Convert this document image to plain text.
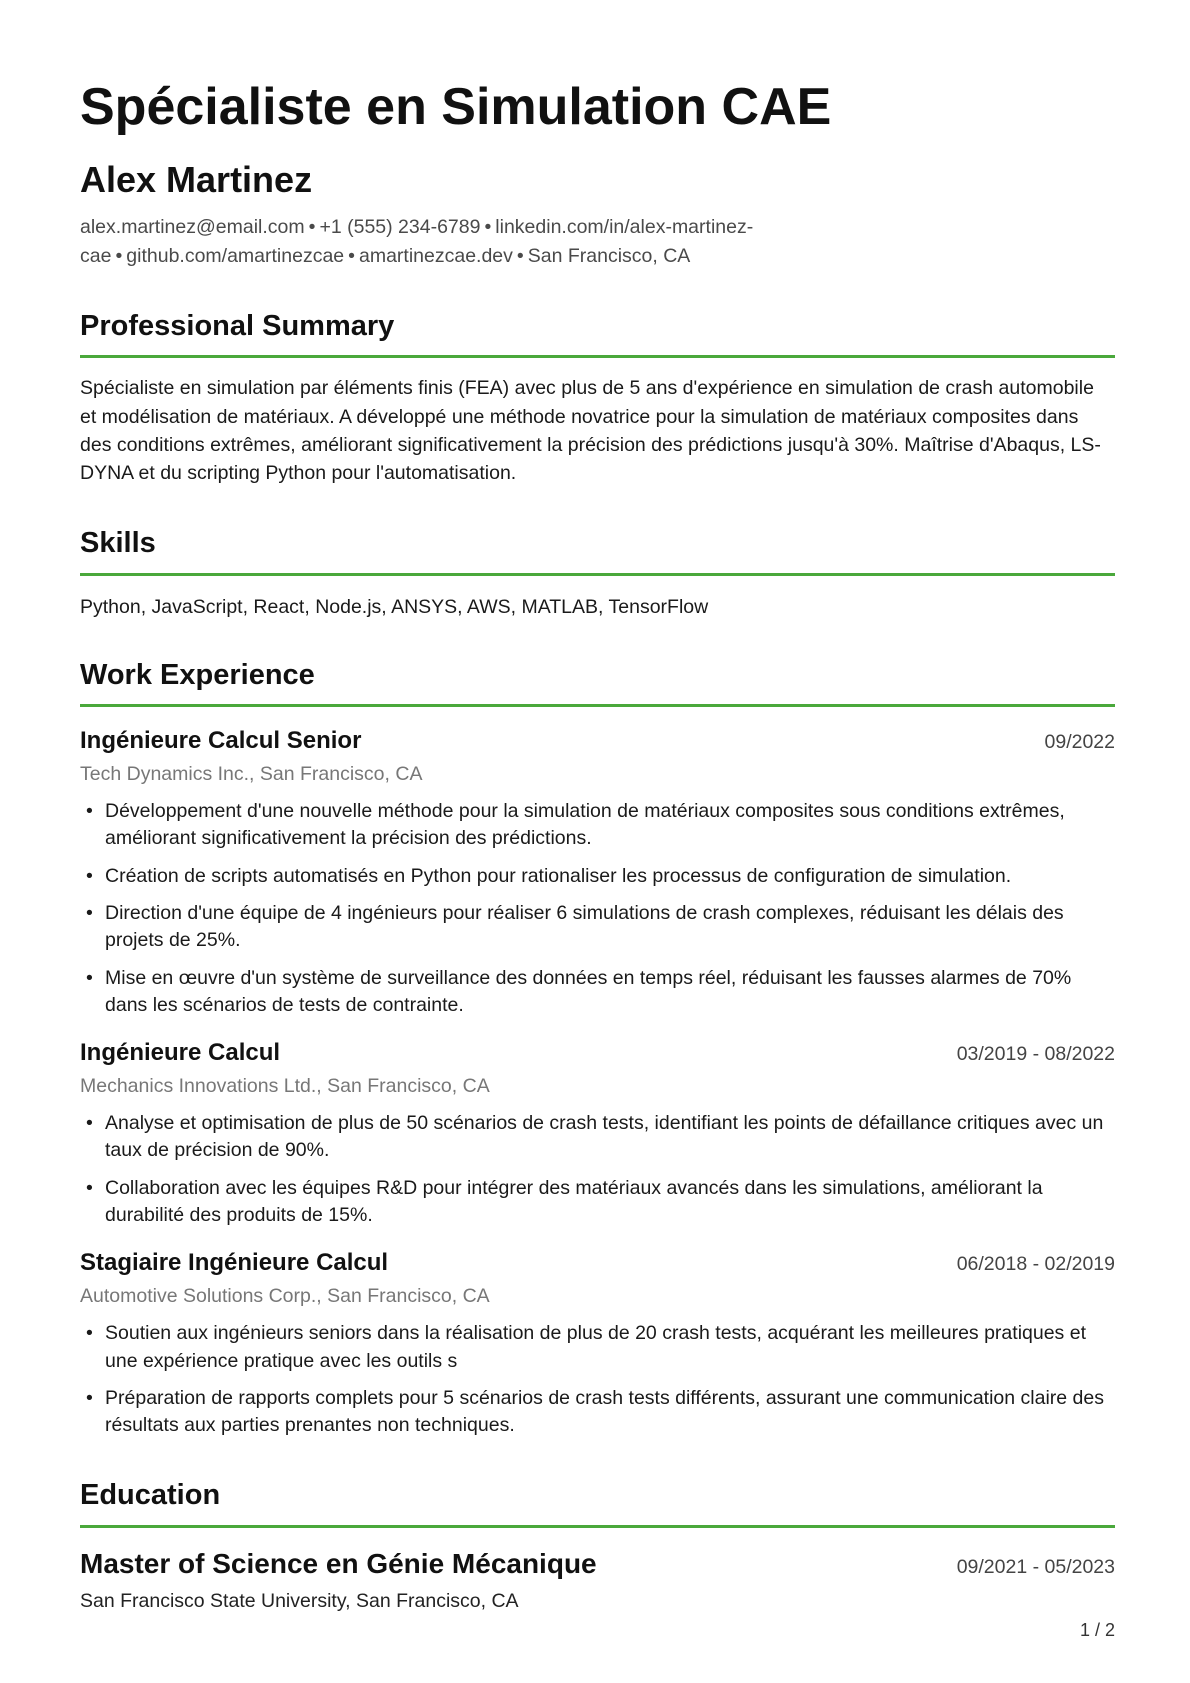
Spécialiste en Simulation CAE
Alex Martinez
alex.martinez@email.com • +1 (555) 234-6789 • linkedin.com/in/alex-martinez-cae • github.com/amartinezcae • amartinezcae.dev • San Francisco, CA
Professional Summary
Spécialiste en simulation par éléments finis (FEA) avec plus de 5 ans d'expérience en simulation de crash automobile et modélisation de matériaux. A développé une méthode novatrice pour la simulation de matériaux composites dans des conditions extrêmes, améliorant significativement la précision des prédictions jusqu'à 30%. Maîtrise d'Abaqus, LS-DYNA et du scripting Python pour l'automatisation.
Skills
Python, JavaScript, React, Node.js, ANSYS, AWS, MATLAB, TensorFlow
Work Experience
Ingénieure Calcul Senior	09/2022
Tech Dynamics Inc., San Francisco, CA
• Développement d'une nouvelle méthode pour la simulation de matériaux composites sous conditions extrêmes, améliorant significativement la précision des prédictions.
• Création de scripts automatisés en Python pour rationaliser les processus de configuration de simulation.
• Direction d'une équipe de 4 ingénieurs pour réaliser 6 simulations de crash complexes, réduisant les délais des projets de 25%.
• Mise en œuvre d'un système de surveillance des données en temps réel, réduisant les fausses alarmes de 70% dans les scénarios de tests de contrainte.
Ingénieure Calcul	03/2019 - 08/2022
Mechanics Innovations Ltd., San Francisco, CA
• Analyse et optimisation de plus de 50 scénarios de crash tests, identifiant les points de défaillance critiques avec un taux de précision de 90%.
• Collaboration avec les équipes R&D pour intégrer des matériaux avancés dans les simulations, améliorant la durabilité des produits de 15%.
Stagiaire Ingénieure Calcul	06/2018 - 02/2019
Automotive Solutions Corp., San Francisco, CA
• Soutien aux ingénieurs seniors dans la réalisation de plus de 20 crash tests, acquérant les meilleures pratiques et une expérience pratique avec les outils s
• Préparation de rapports complets pour 5 scénarios de crash tests différents, assurant une communication claire des résultats aux parties prenantes non techniques.
Education
Master of Science en Génie Mécanique	09/2021 - 05/2023
San Francisco State University, San Francisco, CA
1 / 2
